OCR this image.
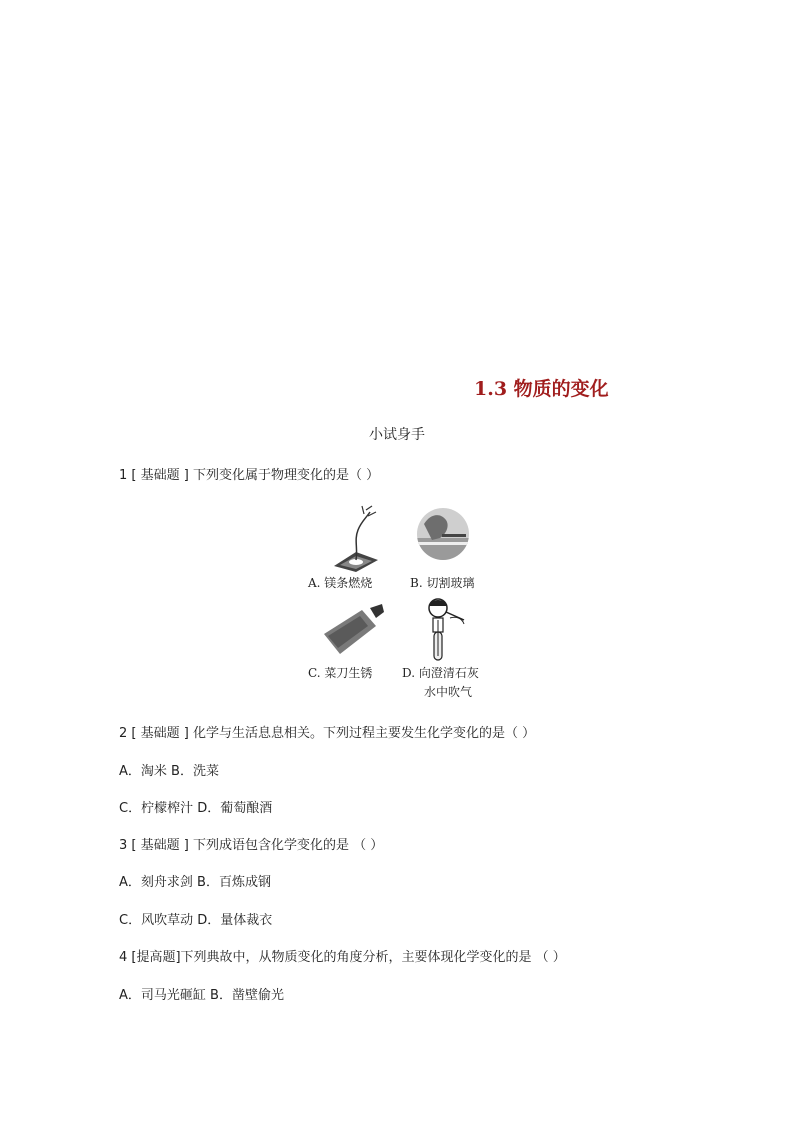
1.3 物质的变化
小试身手
1 [ 基础题 ] 下列变化属于物理变化的是（ ）
A. 镁条燃烧	B. 切割玻璃
C. 菜刀生锈 D. 向澄清石灰
水中吹气
2 [ 基础题 ] 化学与生活息息相关。下列过程主要发生化学变化的是（ ）
A．淘米 B．洗菜
C．柠檬榨汁 D．葡萄酿酒
3 [ 基础题 ] 下列成语包含化学变化的是 （ ）
A．刻舟求剑 B．百炼成钢
C．风吹草动 D．量体裁衣
4 [提高题]下列典故中，从物质变化的角度分析，主要体现化学变化的是 （ ）
A．司马光砸缸 B．凿壁偷光
